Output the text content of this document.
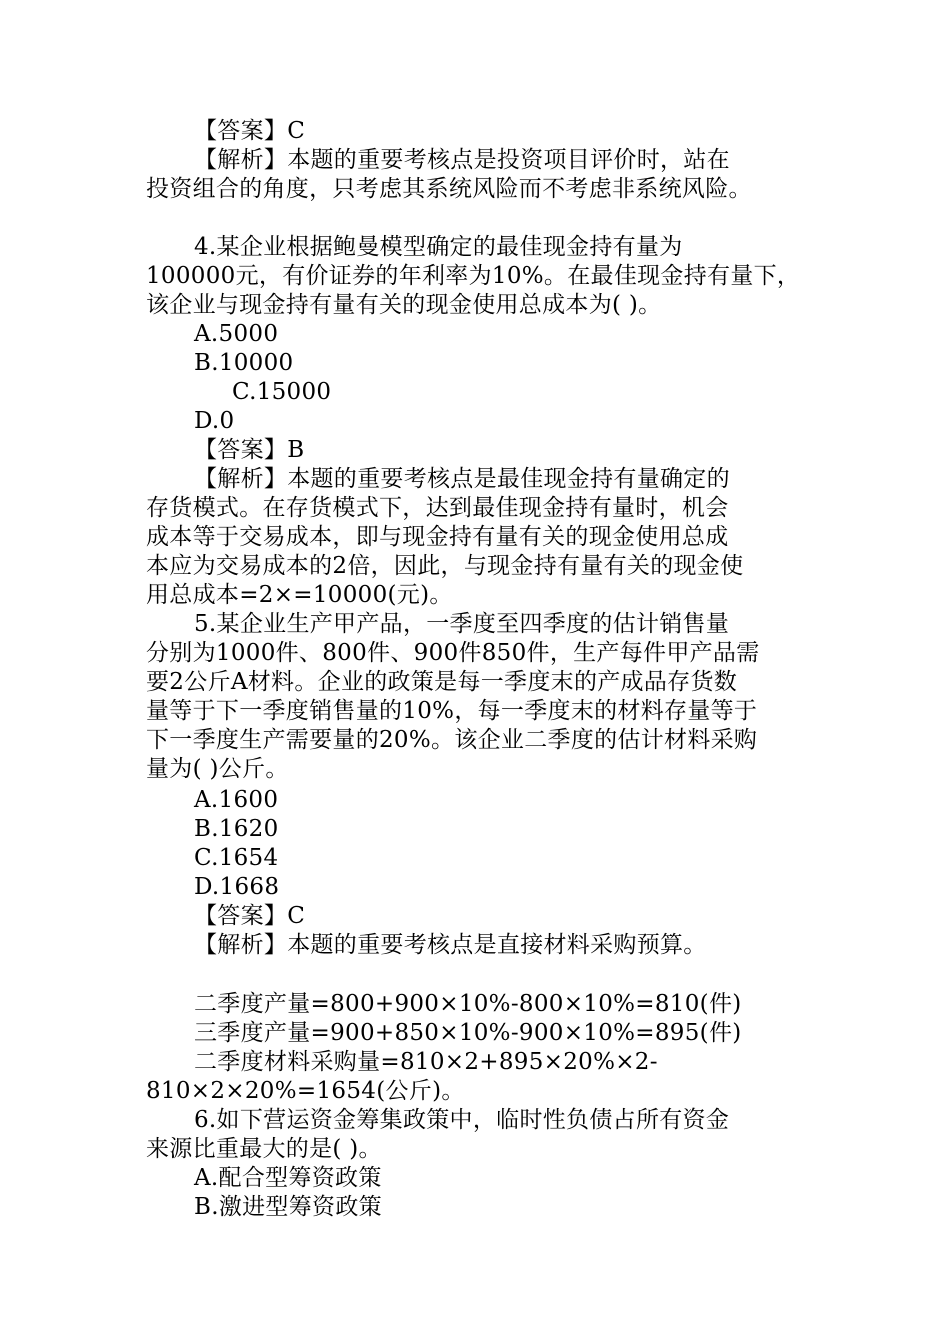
【答案】C
【解析】本题的重要考核点是投资项目评价时，站在
投资组合的角度，只考虑其系统风险而不考虑非系统风险。
4.某企业根据鲍曼模型确定的最佳现金持有量为
100000元，有价证券的年利率为10%。在最佳现金持有量下，
该企业与现金持有量有关的现金使用总成本为( )。
A.5000
B.10000
C.15000
D.0
【答案】B
【解析】本题的重要考核点是最佳现金持有量确定的
存货模式。在存货模式下，达到最佳现金持有量时，机会
成本等于交易成本，即与现金持有量有关的现金使用总成
本应为交易成本的2倍，因此，与现金持有量有关的现金使
用总成本=2×=10000(元)。
5.某企业生产甲产品，一季度至四季度的估计销售量
分别为1000件、800件、900件850件，生产每件甲产品需
要2公斤A材料。企业的政策是每一季度末的产成品存货数
量等于下一季度销售量的10%，每一季度末的材料存量等于
下一季度生产需要量的20%。该企业二季度的估计材料采购
量为( )公斤。
A.1600
B.1620
C.1654
D.1668
【答案】C
【解析】本题的重要考核点是直接材料采购预算。
二季度产量=800+900×10%-800×10%=810(件)
三季度产量=900+850×10%-900×10%=895(件)
二季度材料采购量=810×2+895×20%×2-
810×2×20%=1654(公斤)。
6.如下营运资金筹集政策中，临时性负债占所有资金
来源比重最大的是( )。
A.配合型筹资政策
B.激进型筹资政策
